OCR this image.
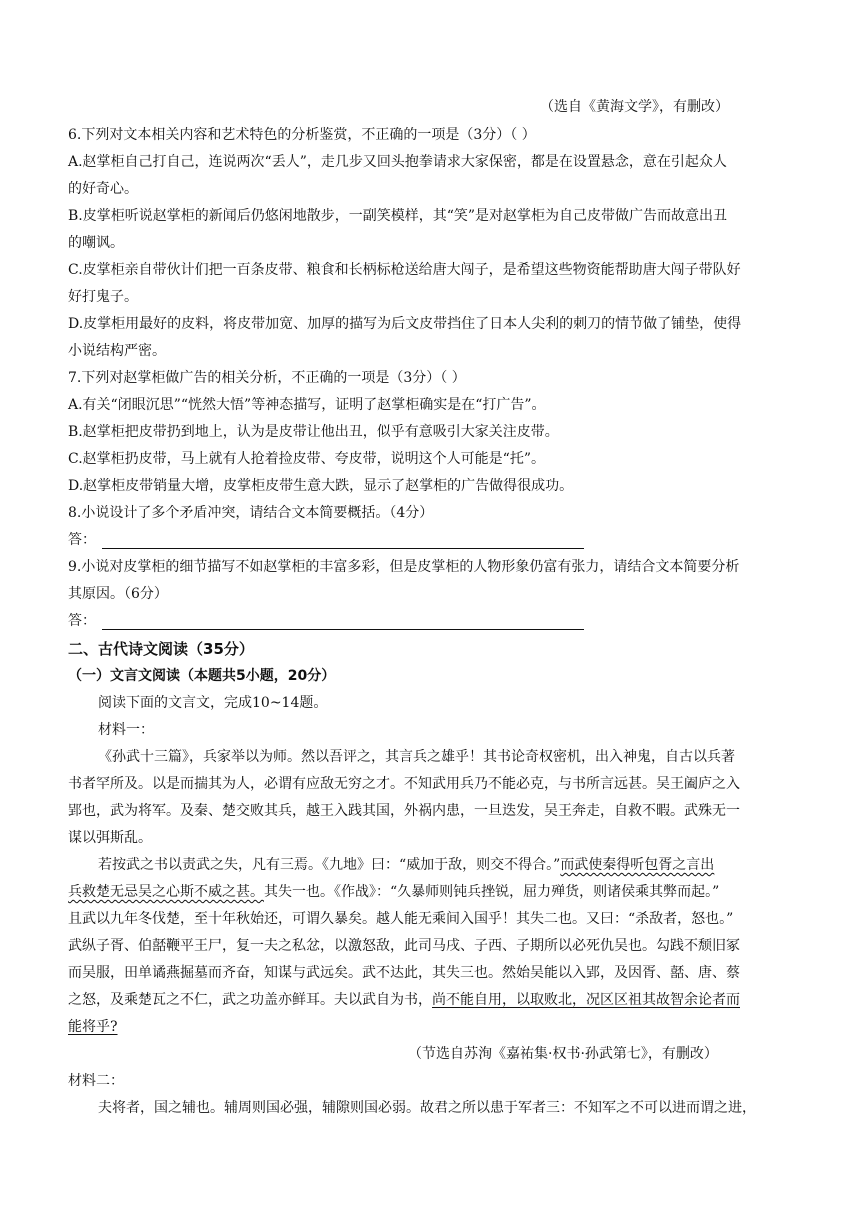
（选自《黄海文学》，有删改）
6.下列对文本相关内容和艺术特色的分析鉴赏，不正确的一项是（3分）（ ）
A.赵掌柜自己打自己，连说两次“丢人”，走几步又回头抱拳请求大家保密，都是在设置悬念，意在引起众人
的好奇心。
B.皮掌柜听说赵掌柜的新闻后仍悠闲地散步，一副笑模样，其“笑”是对赵掌柜为自己皮带做广告而故意出丑
的嘲讽。
C.皮掌柜亲自带伙计们把一百条皮带、粮食和长柄标枪送给唐大闯子，是希望这些物资能帮助唐大闯子带队好
好打鬼子。
D.皮掌柜用最好的皮料，将皮带加宽、加厚的描写为后文皮带挡住了日本人尖利的刺刀的情节做了铺垫，使得
小说结构严密。
7.下列对赵掌柜做广告的相关分析，不正确的一项是（3分）（ ）
A.有关“闭眼沉思”“恍然大悟”等神态描写，证明了赵掌柜确实是在“打广告”。
B.赵掌柜把皮带扔到地上，认为是皮带让他出丑，似乎有意吸引大家关注皮带。
C.赵掌柜扔皮带，马上就有人抢着捡皮带、夸皮带，说明这个人可能是“托”。
D.赵掌柜皮带销量大增，皮掌柜皮带生意大跌，显示了赵掌柜的广告做得很成功。
8.小说设计了多个矛盾冲突，请结合文本简要概括。（4分）
答：
9.小说对皮掌柜的细节描写不如赵掌柜的丰富多彩，但是皮掌柜的人物形象仍富有张力，请结合文本简要分析
其原因。（6分）
答：
二、古代诗文阅读（35分）
（一）文言文阅读（本题共5小题，20分）
阅读下面的文言文，完成10~14题。
材料一：
《孙武十三篇》，兵家举以为师。然以吾评之，其言兵之雄乎！其书论奇权密机，出入神鬼，自古以兵著
书者罕所及。以是而揣其为人，必谓有应敌无穷之才。不知武用兵乃不能必克，与书所言远甚。吴王阖庐之入
郢也，武为将军。及秦、楚交败其兵，越王入践其国，外祸内患，一旦迭发，吴王奔走，自救不暇。武殊无一
谋以弭斯乱。
若按武之书以责武之失，凡有三焉。《九地》曰：“威加于敌，则交不得合。”而武使秦得听包胥之言出
兵救楚无忌吴之心斯不威之甚。其失一也。《作战》：“久暴师则钝兵挫锐，屈力殚货，则诸侯乘其弊而起。”
且武以九年冬伐楚，至十年秋始还，可谓久暴矣。越人能无乘间入国乎！其失二也。又曰：“杀敌者，怒也。”
武纵子胥、伯嚭鞭平王尸，复一夫之私忿，以激怒敌，此司马戌、子西、子期所以必死仇吴也。勾践不颓旧冢
而吴服，田单谲燕掘墓而齐奋，知谋与武远矣。武不达此，其失三也。然始吴能以入郢，及因胥、嚭、唐、蔡
之怒，及乘楚瓦之不仁，武之功盖亦鲜耳。夫以武自为书，尚不能自用，以取败北，况区区祖其故智余论者而
能将乎?
（节选自苏洵《嘉祐集·权书·孙武第七》，有删改）
材料二：
夫将者，国之辅也。辅周则国必强，辅隙则国必弱。故君之所以患于军者三：不知军之不可以进而谓之进，
